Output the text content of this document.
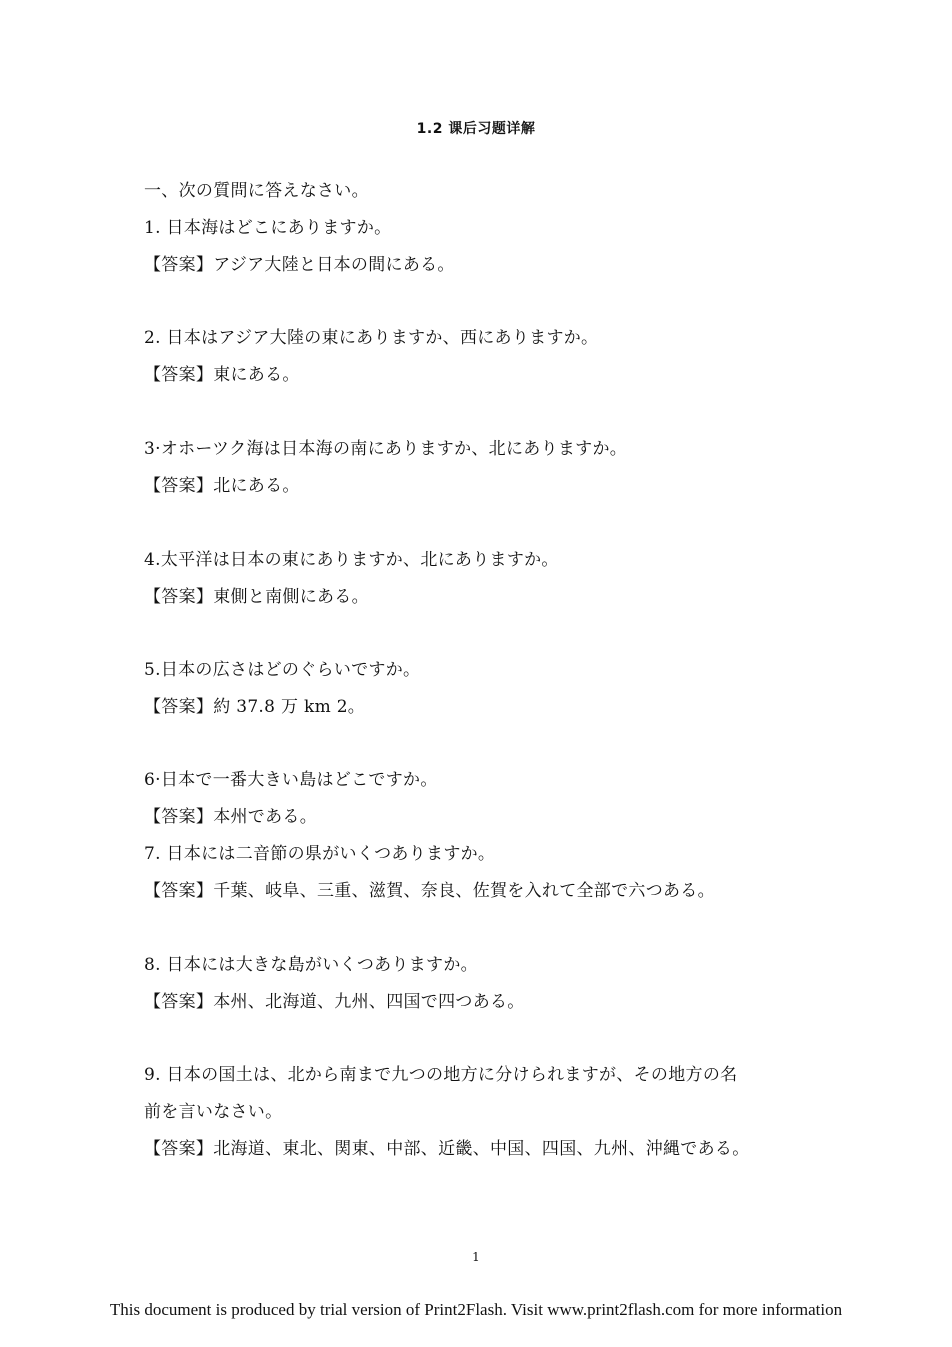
1.2 课后习题详解
一、次の質問に答えなさい。
1. 日本海はどこにありますか。
【答案】アジア大陸と日本の間にある。
2. 日本はアジア大陸の東にありますか、西にありますか。
【答案】東にある。
3·オホーツク海は日本海の南にありますか、北にありますか。
【答案】北にある。
4.太平洋は日本の東にありますか、北にありますか。
【答案】東側と南側にある。
5.日本の広さはどのぐらいですか。
【答案】約 37.8 万 km 2。
6·日本で一番大きい島はどこですか。
【答案】本州である。
7. 日本には二音節の県がいくつありますか。
【答案】千葉、岐阜、三重、滋賀、奈良、佐賀を入れて全部で六つある。
8. 日本には大きな島がいくつありますか。
【答案】本州、北海道、九州、四国で四つある。
9. 日本の国土は、北から南まで九つの地方に分けられますが、その地方の名
前を言いなさい。
【答案】北海道、東北、関東、中部、近畿、中国、四国、九州、沖縄である。
1
This document is produced by trial version of Print2Flash. Visit www.print2flash.com for more information
